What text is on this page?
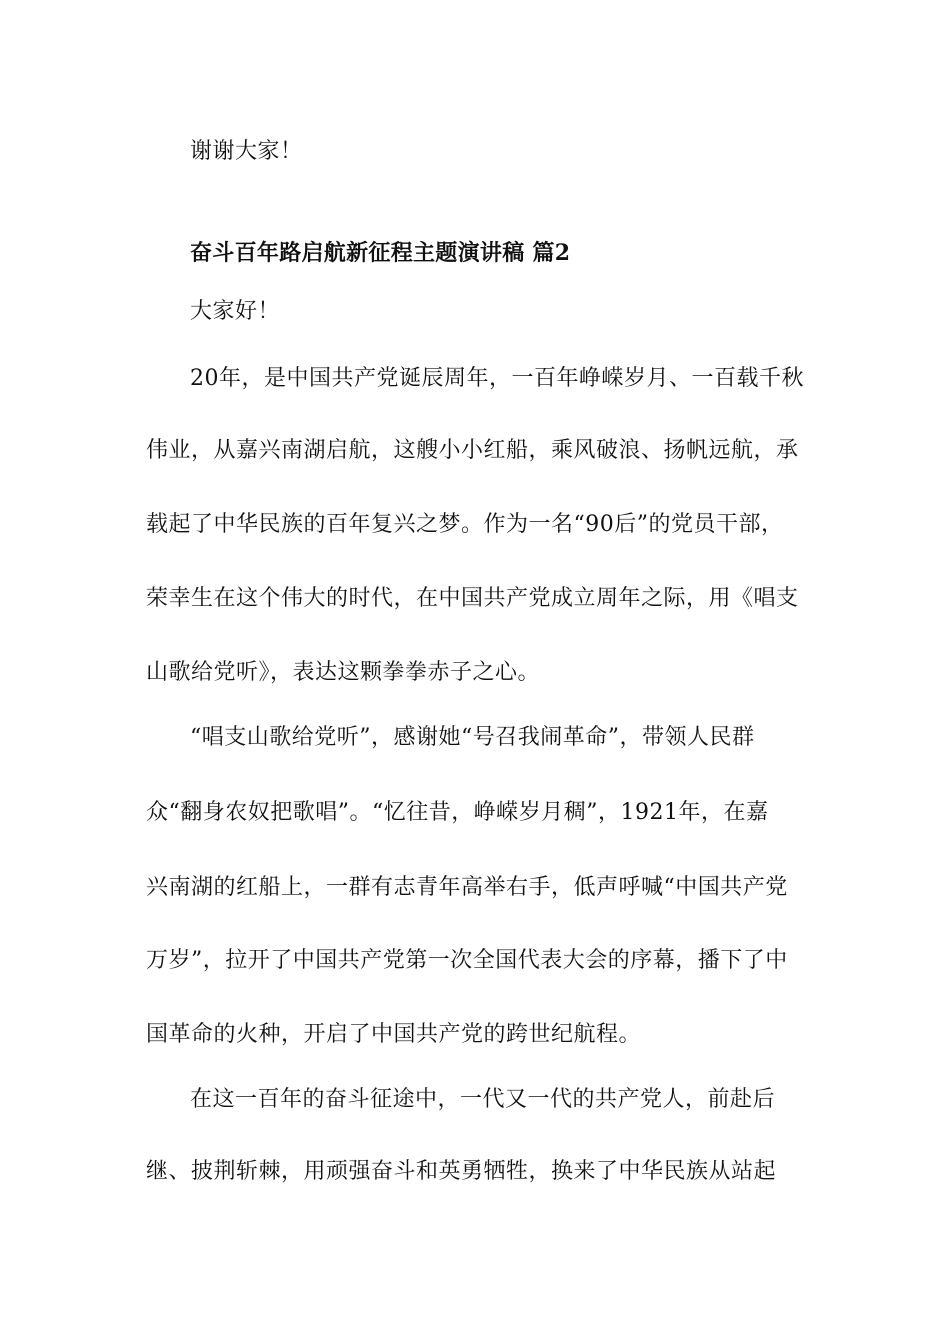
谢谢大家！
奋斗百年路启航新征程主题演讲稿 篇2
大家好！
20年，是中国共产党诞辰周年，一百年峥嵘岁月、一百载千秋
伟业，从嘉兴南湖启航，这艘小小红船，乘风破浪、扬帆远航，承
载起了中华民族的百年复兴之梦。作为一名“90后”的党员干部，
荣幸生在这个伟大的时代，在中国共产党成立周年之际，用《唱支
山歌给党听》，表达这颗拳拳赤子之心。
“唱支山歌给党听”，感谢她“号召我闹革命”，带领人民群
众“翻身农奴把歌唱”。“忆往昔，峥嵘岁月稠”，1921年，在嘉
兴南湖的红船上，一群有志青年高举右手，低声呼喊“中国共产党
万岁”，拉开了中国共产党第一次全国代表大会的序幕，播下了中
国革命的火种，开启了中国共产党的跨世纪航程。
在这一百年的奋斗征途中，一代又一代的共产党人，前赴后
继、披荆斩棘，用顽强奋斗和英勇牺牲，换来了中华民族从站起
